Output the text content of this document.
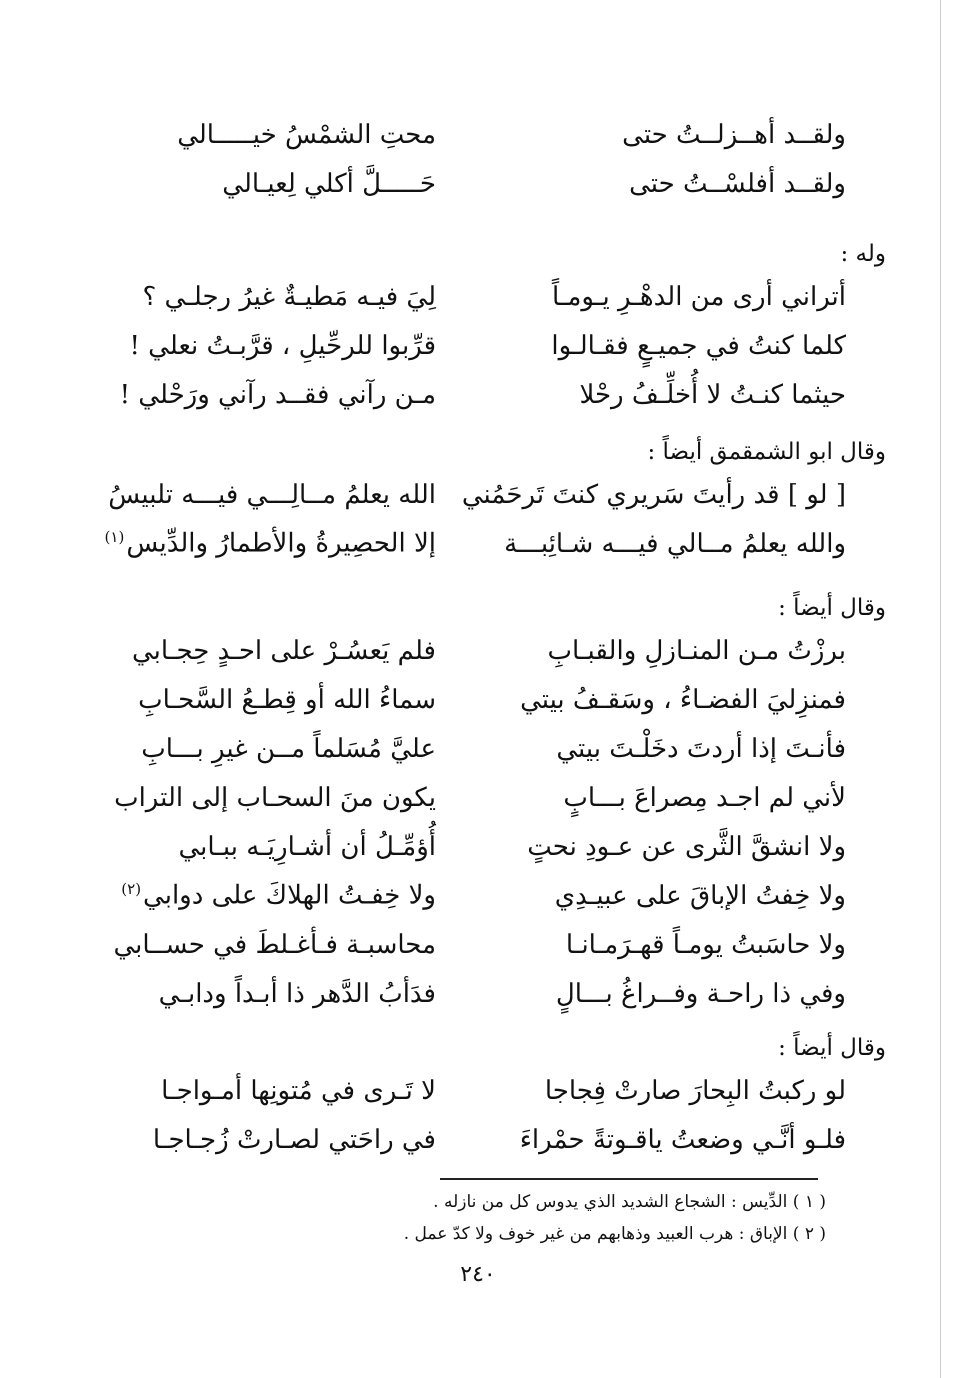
ولقــد أهــزلــتُ حتى
محتِ الشمْسُ خيـــــالي
ولقــد أفلسْــتُ حتى
حَـــــلَّ أكلي لِعيـالي
وله :
أتراني أرى من الدهْـرِ يـومـاً
لِيَ فيـه مَطيـةٌ غيرُ رجلـي ؟
كلما كنتُ في جميـعٍ فقـالـوا
قرِّبوا للرحِّيلِ ، قرَّبـتُ نعلي !
حيثما كنـتُ لا أُخلِّـفُ رحْلا
مـن رآني فقــد رآني ورَحْلي !
وقال ابو الشمقمق أيضاً :
[ لو ] قد رأيتَ سَريري كنتَ تَرحَمُني
الله يعلمُ مــالِـــي فيـــه تلبيسُ
والله يعلمُ مــالي فيـــه شـائِبـــة
إلا الحصِيرةُ والأطمارُ والدِّيس$^{(١)}$
وقال أيضاً :
برزْتُ مـن المنـازلِ والقبـابِ
فلم يَعسُـرْ على احـدٍ حِجـابي
فمنزِليَ الفضـاءُ ، وسَقـفُ بيتي
سماءُ الله أو قِطـعُ السَّحـابِ
فأنـتَ إذا أردتَ دخَلْـتَ بيتي
عليَّ مُسَلماً مــن غيرِ بـــابِ
لأني لم اجـد مِصراعَ بـــابٍ
يكون منَ السحـاب إلى التراب
ولا انشقَّ الثَّرى عن عـودِ نحتٍ
أُؤمِّـلُ أن أشـارِيَـه ببـابي
ولا خِفتُ الإباقَ على عبيـدِي
ولا خِفـتُ الهلاكَ على دوابي$^{(٢)}$
ولا حاسَبتُ يومـاً قهـرَمـانـا
محاسبـة فـأغـلطَ في حســابي
وفي ذا راحـة وفــراغُ بـــالٍ
فدَأبُ الدَّهر ذا أبـداً ودابـي
وقال أيضاً :
لو ركبتُ البِحارَ صارتْ فِجاجا
لا تَـرى في مُتونِها أمـواجـا
فلـو أنَّـي وضعتُ ياقـوتةً حمْراءَ
في راحَتي لصـارتْ زُجـاجـا
( ١ ) الدِّيس : الشجاع الشديد الذي يدوس كل من نازله .
( ٢ ) الإباق : هرب العبيد وذهابهم من غير خوف ولا كدّ عمل .
٢٤٠
